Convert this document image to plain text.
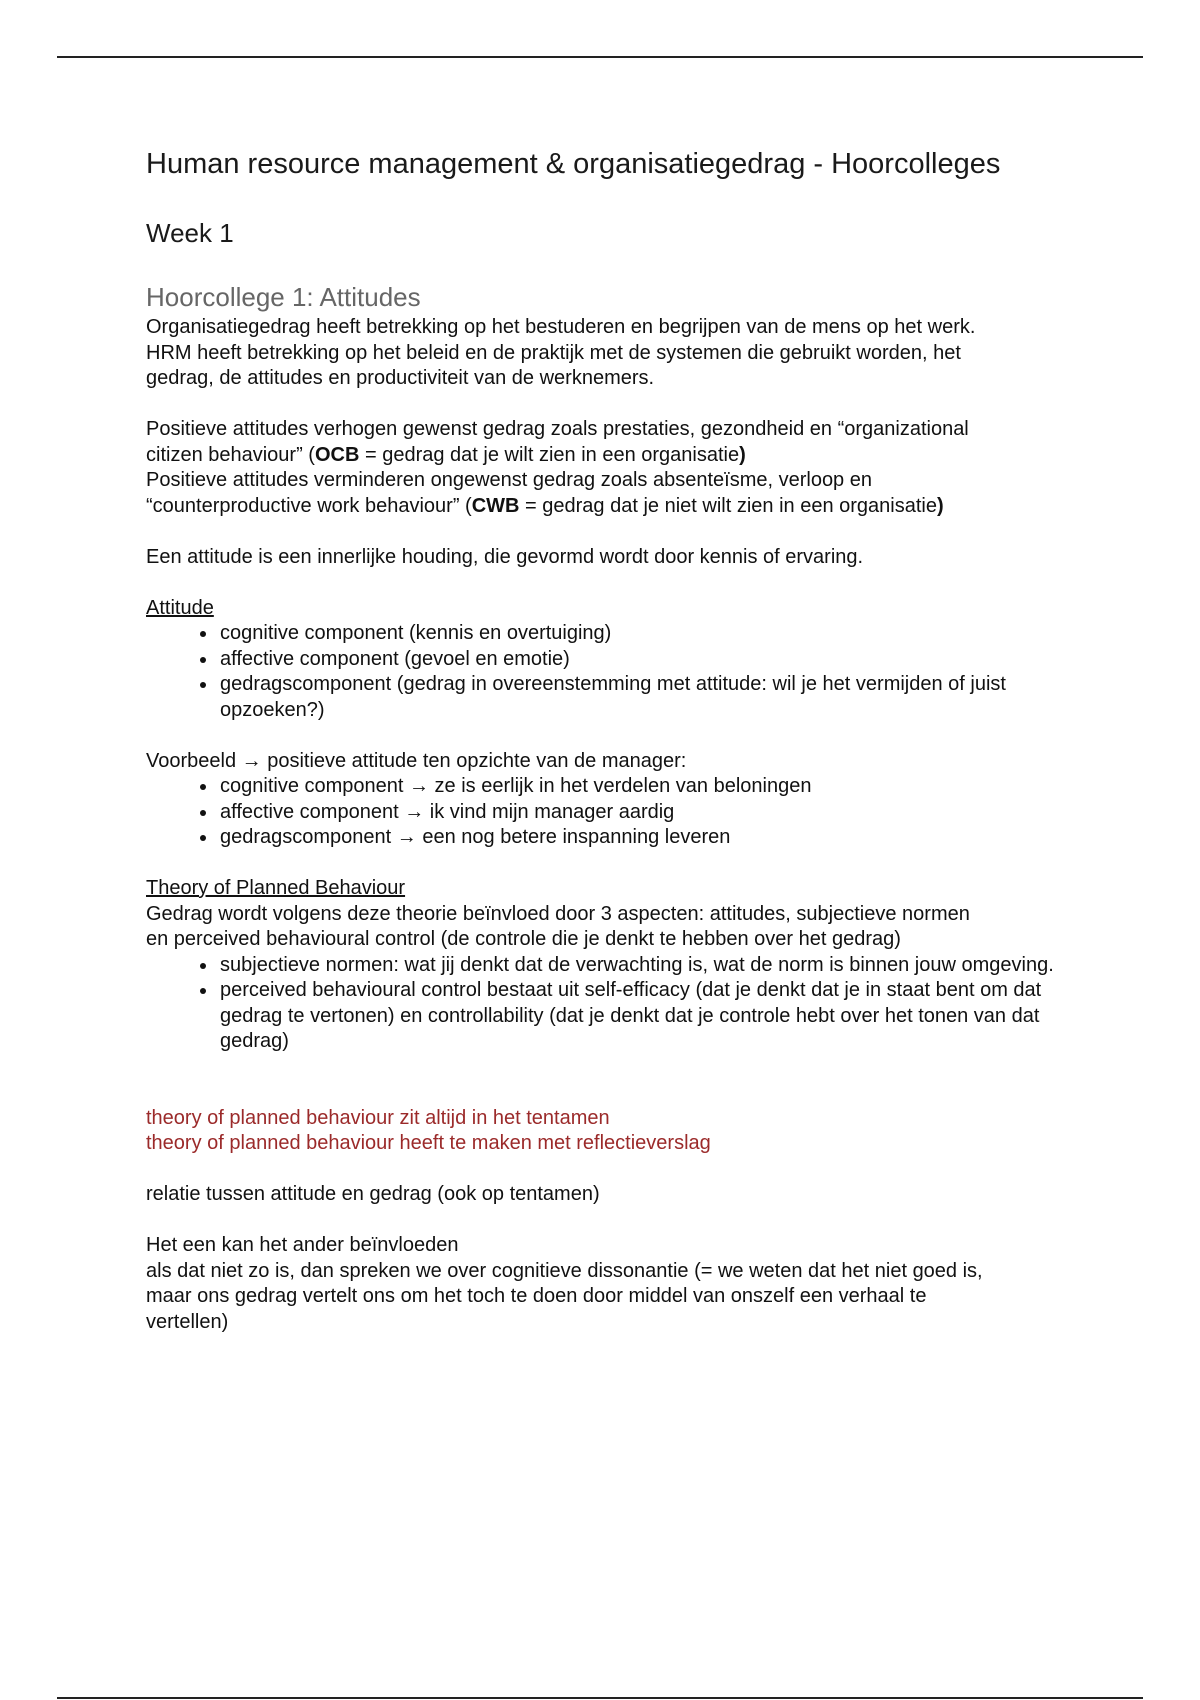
Human resource management & organisatiegedrag - Hoorcolleges
Week 1
Hoorcollege 1: Attitudes

Organisatiegedrag heeft betrekking op het bestuderen en begrijpen van de mens op het werk.

HRM heeft betrekking op het beleid en de praktijk met de systemen die gebruikt worden, het

gedrag, de attitudes en productiviteit van de werknemers.

Positieve attitudes verhogen gewenst gedrag zoals prestaties, gezondheid en “organizational

citizen behaviour” (OCB = gedrag dat je wilt zien in een organisatie)

Positieve attitudes verminderen ongewenst gedrag zoals absenteïsme, verloop en

“counterproductive work behaviour” (CWB = gedrag dat je niet wilt zien in een organisatie)

Een attitude is een innerlijke houding, die gevormd wordt door kennis of ervaring.

Attitude

• cognitive component (kennis en overtuiging)
• affective component (gevoel en emotie)
• gedragscomponent (gedrag in overeenstemming met attitude: wil je het vermijden of juist opzoeken?)

Voorbeeld → positieve attitude ten opzichte van de manager:

• cognitive component → ze is eerlijk in het verdelen van beloningen
• affective component → ik vind mijn manager aardig
• gedragscomponent → een nog betere inspanning leveren

Theory of Planned Behaviour

Gedrag wordt volgens deze theorie beïnvloed door 3 aspecten: attitudes, subjectieve normen

en perceived behavioural control (de controle die je denkt te hebben over het gedrag)

• subjectieve normen: wat jij denkt dat de verwachting is, wat de norm is binnen jouw omgeving.
• perceived behavioural control bestaat uit self-efficacy (dat je denkt dat je in staat bent om dat gedrag te vertonen) en controllability (dat je denkt dat je controle hebt over het tonen van dat gedrag)

theory of planned behaviour zit altijd in het tentamen

theory of planned behaviour heeft te maken met reflectieverslag

relatie tussen attitude en gedrag (ook op tentamen)

Het een kan het ander beïnvloeden

als dat niet zo is, dan spreken we over cognitieve dissonantie (= we weten dat het niet goed is,

maar ons gedrag vertelt ons om het toch te doen door middel van onszelf een verhaal te

vertellen)
